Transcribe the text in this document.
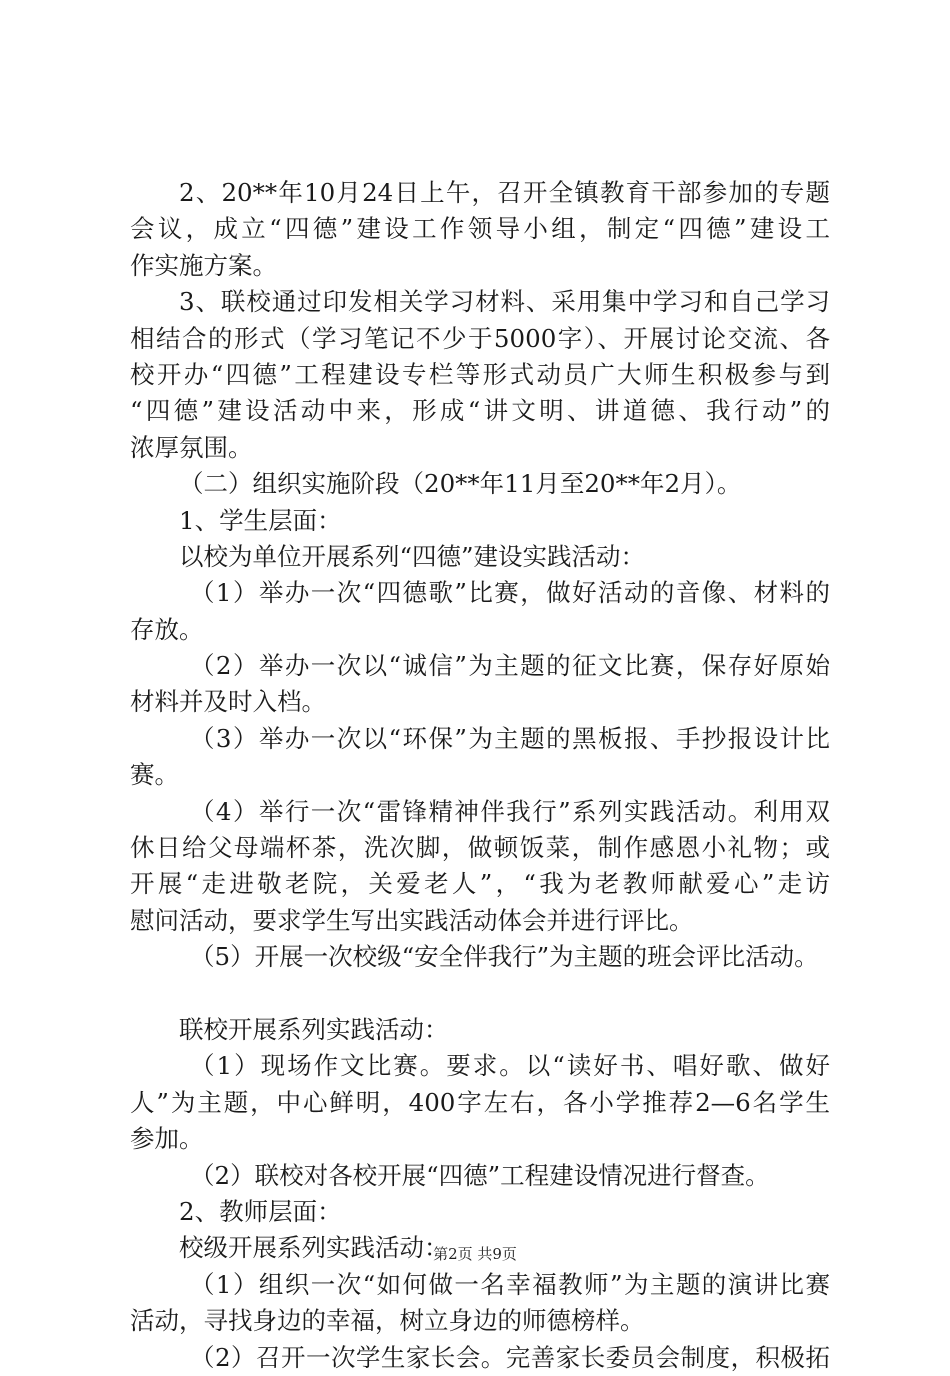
2、20**年10月24日上午，召开全镇教育干部参加的专题
会议，成立“四德”建设工作领导小组，制定“四德”建设工
作实施方案。
3、联校通过印发相关学习材料、采用集中学习和自己学习
相结合的形式（学习笔记不少于5000字）、开展讨论交流、各
校开办“四德”工程建设专栏等形式动员广大师生积极参与到
“四德”建设活动中来，形成“讲文明、讲道德、我行动”的
浓厚氛围。
（二）组织实施阶段（20**年11月至20**年2月）。
1、学生层面：
以校为单位开展系列“四德”建设实践活动：
（1）举办一次“四德歌”比赛，做好活动的音像、材料的
存放。
（2）举办一次以“诚信”为主题的征文比赛，保存好原始
材料并及时入档。
（3）举办一次以“环保”为主题的黑板报、手抄报设计比
赛。
（4）举行一次“雷锋精神伴我行”系列实践活动。利用双
休日给父母端杯茶，洗次脚，做顿饭菜，制作感恩小礼物；或
开展“走进敬老院，关爱老人”，“我为老教师献爱心”走访
慰问活动，要求学生写出实践活动体会并进行评比。
（5）开展一次校级“安全伴我行”为主题的班会评比活动。
联校开展系列实践活动：
（1）现场作文比赛。要求。以“读好书、唱好歌、做好
人”为主题，中心鲜明，400字左右，各小学推荐2—6名学生
参加。
（2）联校对各校开展“四德”工程建设情况进行督查。
2、教师层面：
校级开展系列实践活动：
（1）组织一次“如何做一名幸福教师”为主题的演讲比赛
活动，寻找身边的幸福，树立身边的师德榜样。
（2）召开一次学生家长会。完善家长委员会制度，积极拓
第2页 共9页
